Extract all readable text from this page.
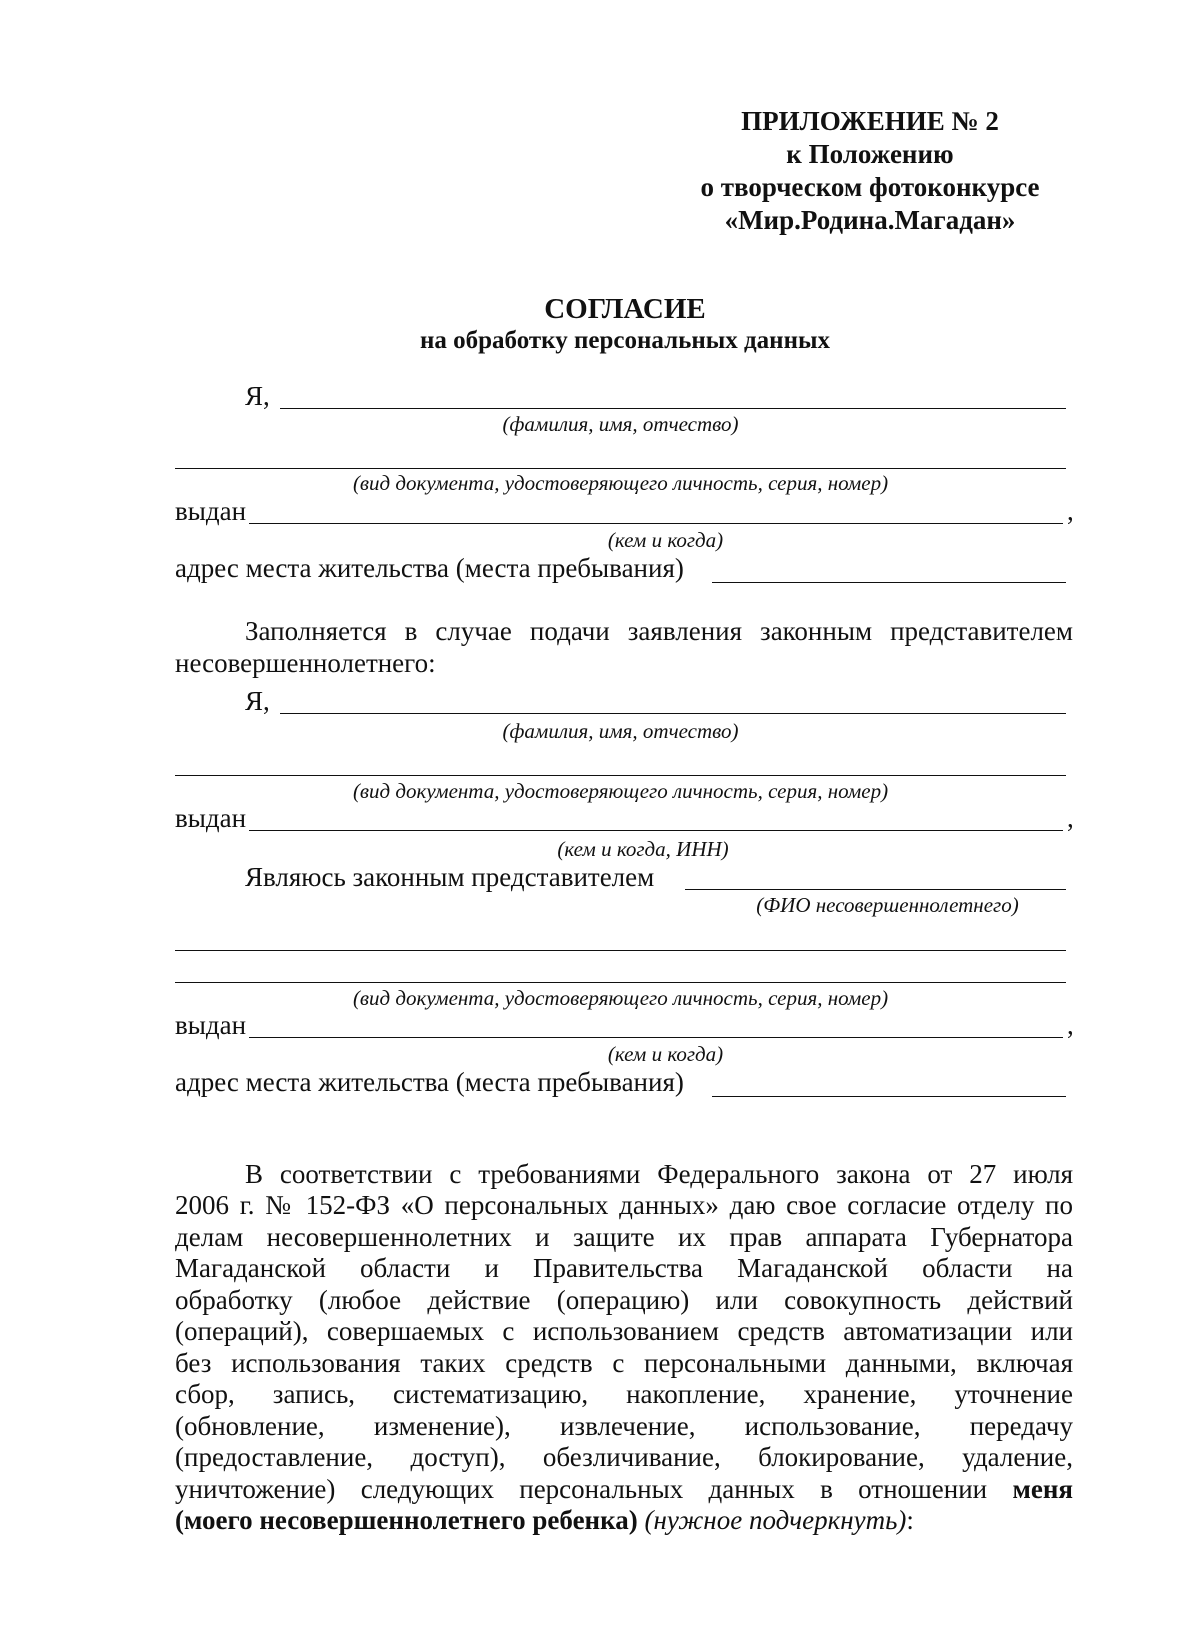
ПРИЛОЖЕНИЕ № 2
к Положению
о творческом фотоконкурсе
«Мир.Родина.Магадан»
СОГЛАСИЕ
на обработку персональных данных
Я,
(фамилия, имя, отчество)
(вид документа, удостоверяющего личность, серия, номер)
выдан	,
(кем и когда)
адрес места жительства (места пребывания)
Заполняется в случае подачи заявления законным представителем
несовершеннолетнего:
Я,
(фамилия, имя, отчество)
(вид документа, удостоверяющего личность, серия, номер)
выдан	,
(кем и когда, ИНН)
Являюсь законным представителем
(ФИО несовершеннолетнего)
(вид документа, удостоверяющего личность, серия, номер)
выдан	,
(кем и когда)
адрес места жительства (места пребывания)
В соответствии с требованиями Федерального закона от 27 июля
2006 г. № 152-ФЗ «О персональных данных» даю свое согласие отделу по
делам несовершеннолетних и защите их прав аппарата Губернатора
Магаданской области и Правительства Магаданской области на
обработку (любое действие (операцию) или совокупность действий
(операций), совершаемых с использованием средств автоматизации или
без использования таких средств с персональными данными, включая
сбор, запись, систематизацию, накопление, хранение, уточнение
(обновление, изменение), извлечение, использование, передачу
(предоставление, доступ), обезличивание, блокирование, удаление,
уничтожение) следующих персональных данных в отношении меня
(моего несовершеннолетнего ребенка) (нужное подчеркнуть):
